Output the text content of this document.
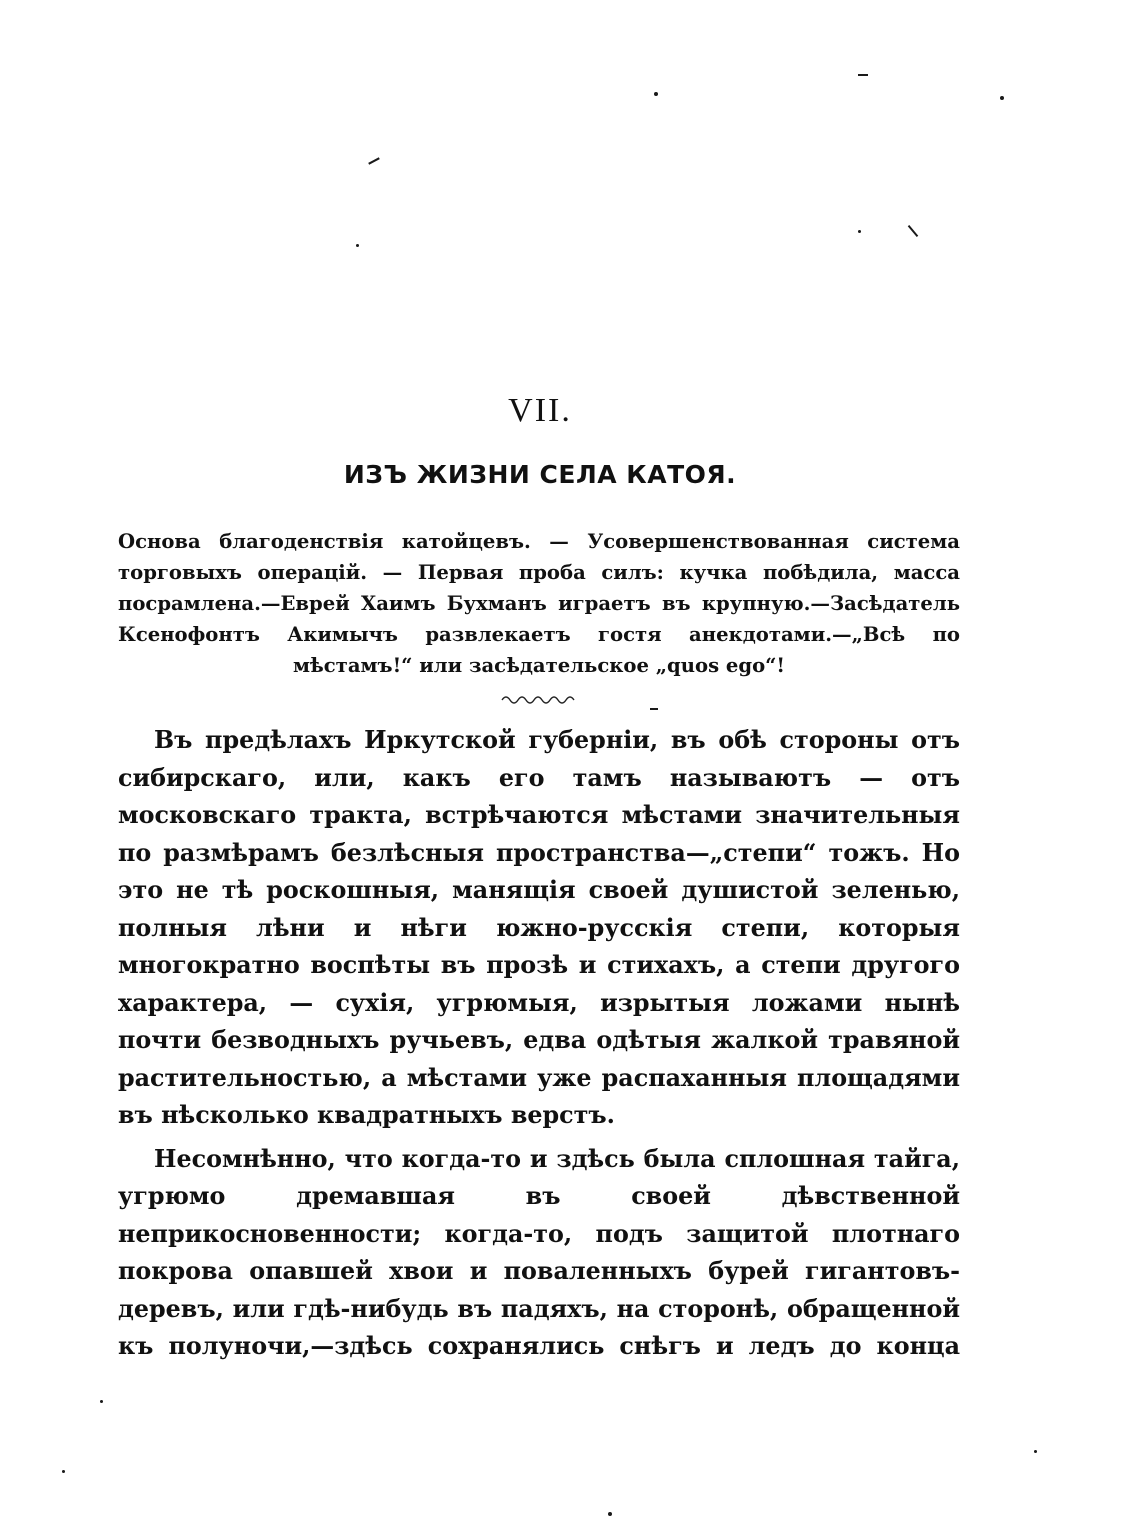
VII.
ИЗЪ ЖИЗНИ СЕЛА КАТОЯ.

Основа благоденствія катойцевъ. — Усовершенствованная система торговыхъ операцій. — Первая проба силъ: кучка побѣдила, масса посрамлена.—Еврей Хаимъ Бухманъ играетъ въ крупную.—Засѣдатель Ксенофонтъ Акимычъ развлекаетъ гостя анекдотами.—„Всѣ по мѣстамъ!“ или засѣдательское „quos ego“!

Въ предѣлахъ Иркутской губерніи, въ обѣ стороны отъ сибирскаго, или, какъ его тамъ называютъ — отъ московскаго тракта, встрѣчаются мѣстами значительныя по размѣрамъ безлѣсныя пространства—„степи“ тожъ. Но это не тѣ роскошныя, манящія своей душистой зеленью, полныя лѣни и нѣги южно-русскія степи, которыя многократно воспѣты въ прозѣ и стихахъ, а степи другого характера, — сухія, угрюмыя, изрытыя ложами нынѣ почти безводныхъ ручьевъ, едва одѣтыя жалкой травяной растительностью, а мѣстами уже распаханныя площадями въ нѣсколько квадратныхъ верстъ.

Несомнѣнно, что когда-то и здѣсь была сплошная тайга, угрюмо дремавшая въ своей дѣвственной неприкосновенности; когда-то, подъ защитой плотнаго покрова опавшей хвои и поваленныхъ бурей гигантовъ-деревъ, или гдѣ-нибудь въ падяхъ, на сторонѣ, обращенной къ полуночи,—здѣсь сохранялись снѣгъ и ледъ до конца
